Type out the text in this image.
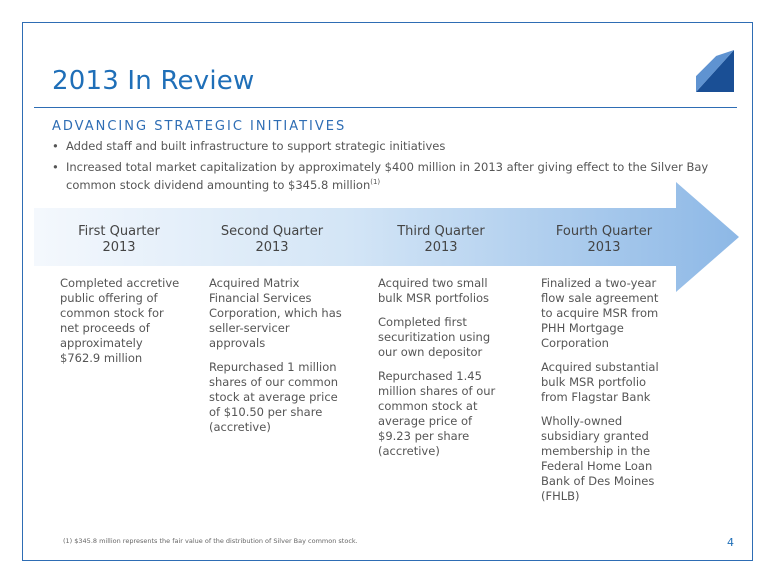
2013 In Review
ADVANCING STRATEGIC INITIATIVES
• Added staff and built infrastructure to support strategic initiatives
• Increased total market capitalization by approximately $400 million in 2013 after giving effect to the Silver Bay common stock dividend amounting to $345.8 million$^{(1)}$
First Quarter
2013
Second Quarter
2013
Third Quarter
2013
Fourth Quarter
2013

Completed accretive public offering of common stock for net proceeds of approximately $762.9 million

Acquired Matrix Financial Services Corporation, which has seller-servicer approvals

Repurchased 1 million shares of our common stock at average price of $10.50 per share (accretive)

Acquired two small bulk MSR portfolios

Completed first securitization using our own depositor

Repurchased 1.45 million shares of our common stock at average price of $9.23 per share (accretive)

Finalized a two-year flow sale agreement to acquire MSR from PHH Mortgage Corporation

Acquired substantial bulk MSR portfolio from Flagstar Bank

Wholly-owned subsidiary granted membership in the Federal Home Loan Bank of Des Moines (FHLB)

(1) $345.8 million represents the fair value of the distribution of Silver Bay common stock.	4
